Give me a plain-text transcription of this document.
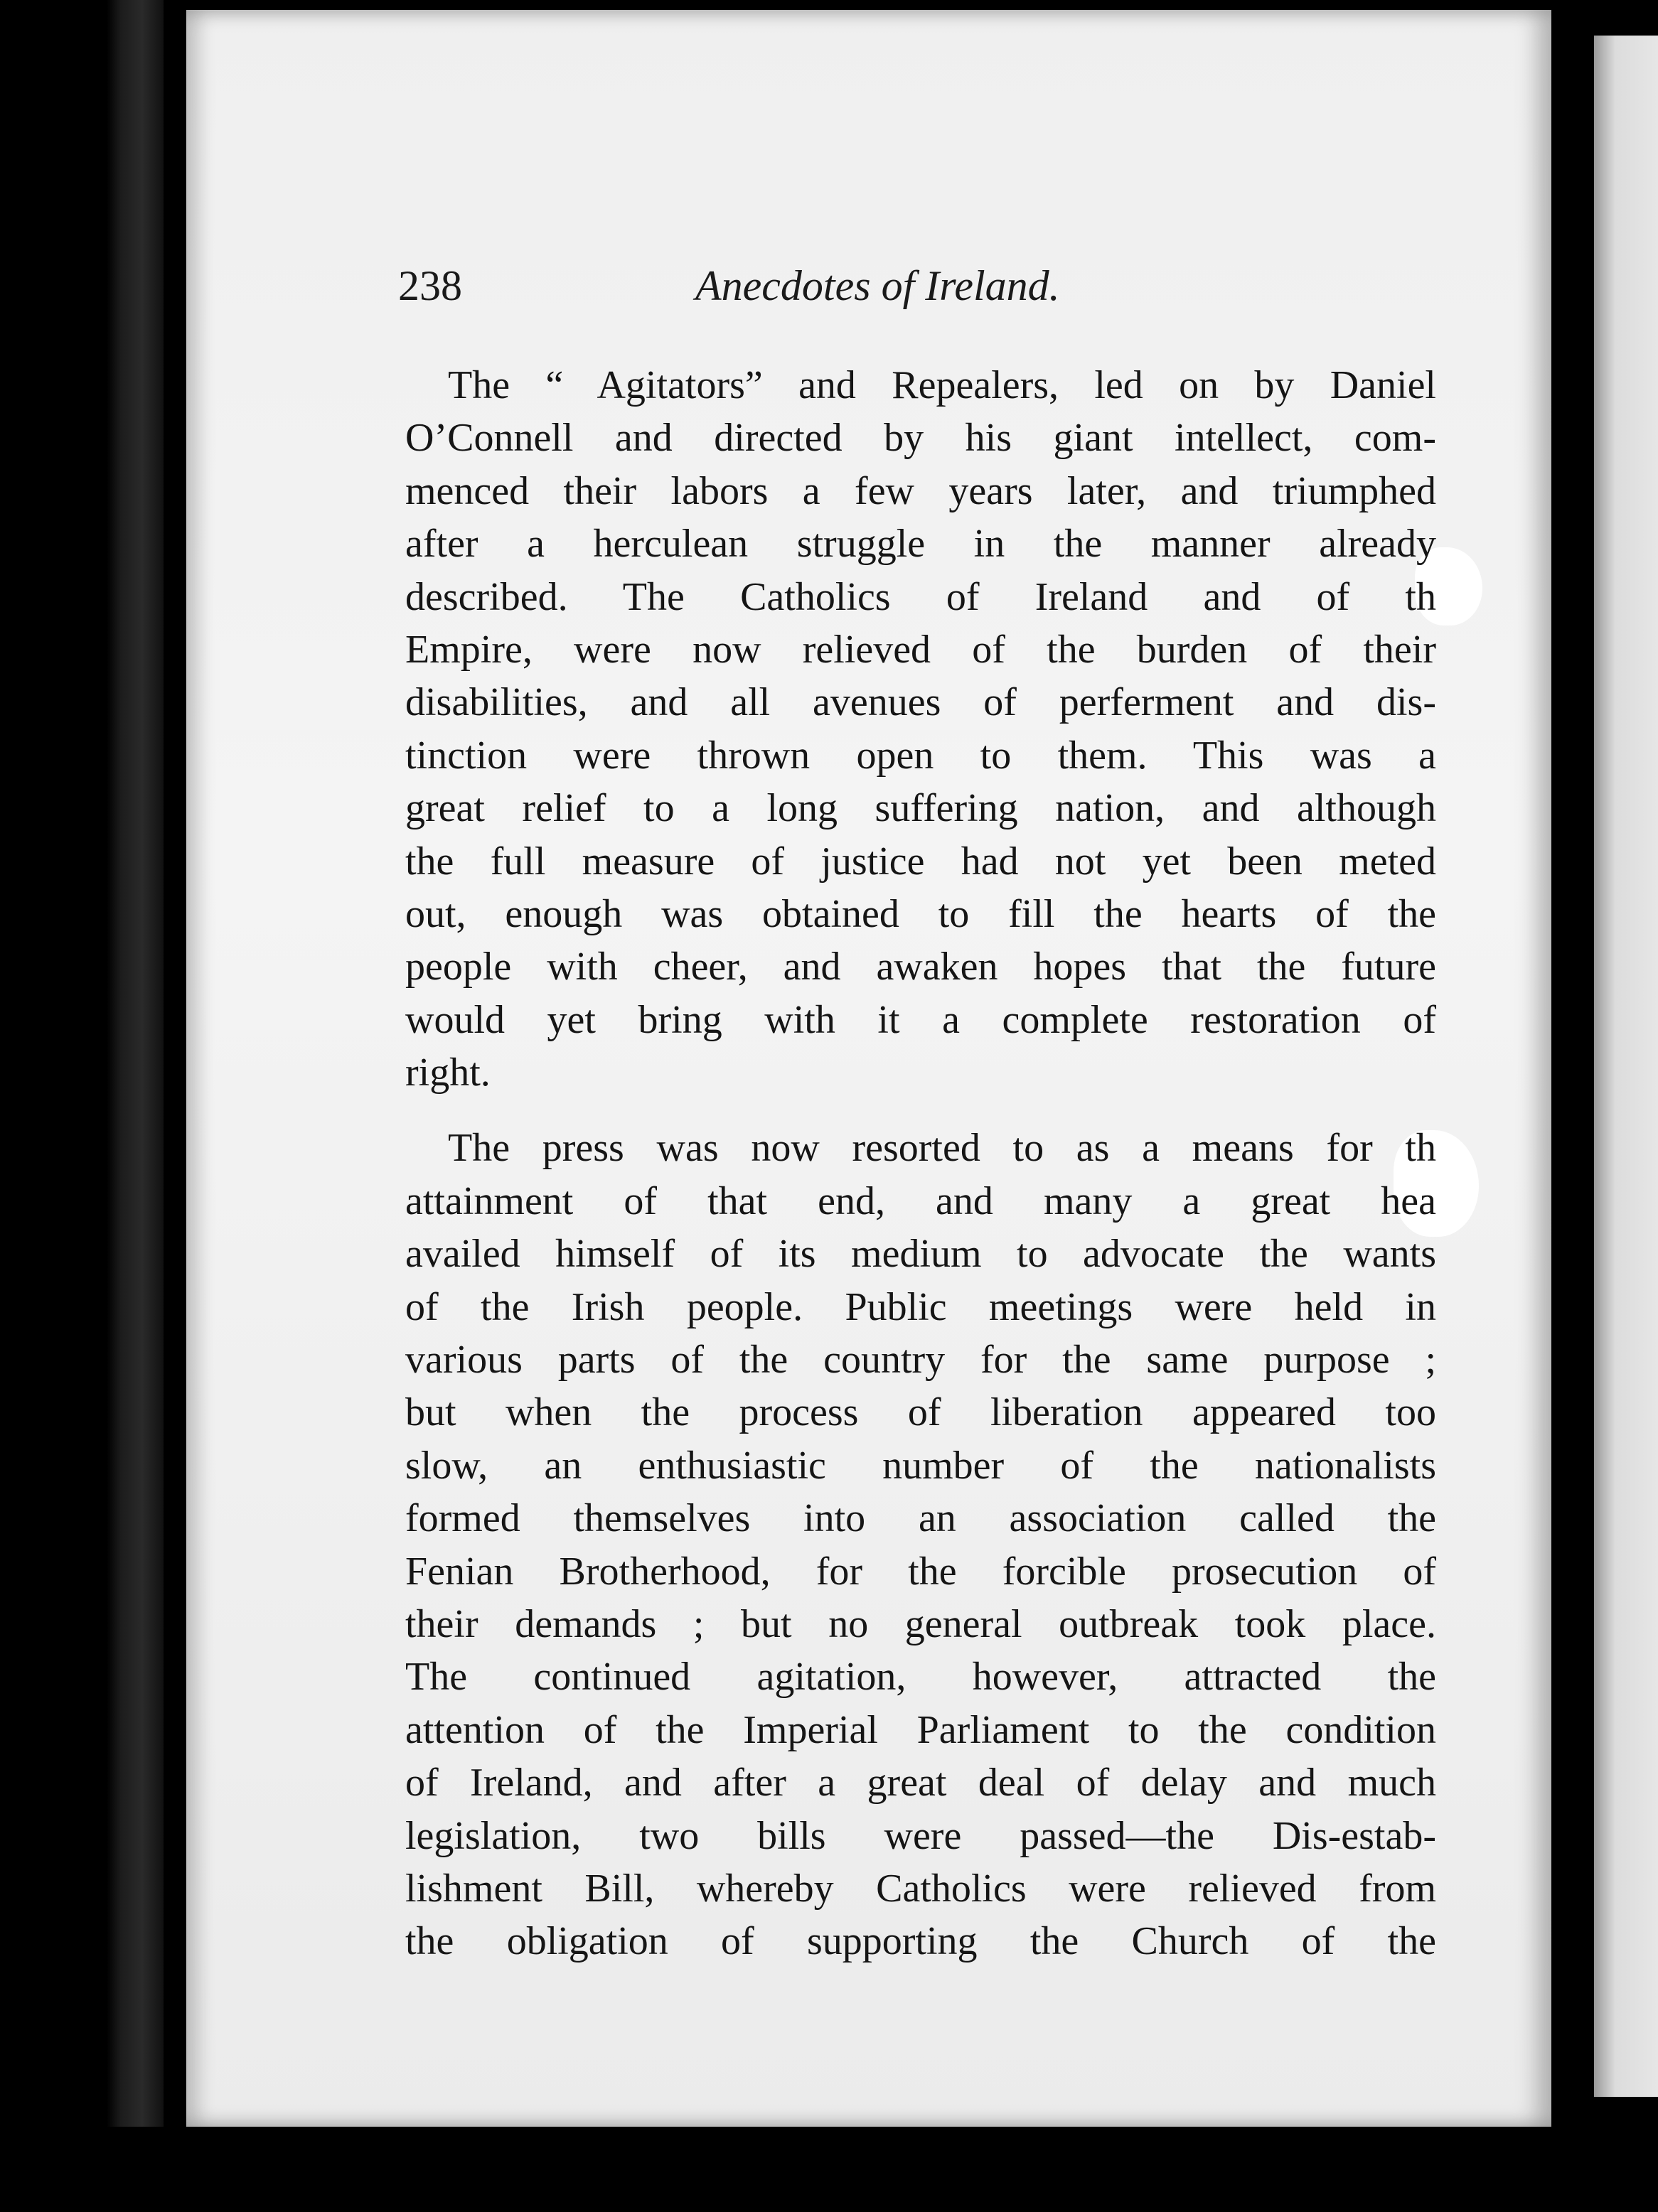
238	Anecdotes of Ireland.
The “ Agitators” and Repealers, led on by Daniel
O’Connell and directed by his giant intellect, com-
menced their labors a few years later, and triumphed
after a herculean struggle in the manner already
described. The Catholics of Ireland and of th
Empire, were now relieved of the burden of their
disabilities, and all avenues of perferment and dis-
tinction were thrown open to them. This was a
great relief to a long suffering nation, and although
the full measure of justice had not yet been meted
out, enough was obtained to fill the hearts of the
people with cheer, and awaken hopes that the future
would yet bring with it a complete restoration of
right.
The press was now resorted to as a means for th
attainment of that end, and many a great hea
availed himself of its medium to advocate the wants
of the Irish people. Public meetings were held in
various parts of the country for the same purpose ;
but when the process of liberation appeared too
slow, an enthusiastic number of the nationalists
formed themselves into an association called the
Fenian Brotherhood, for the forcible prosecution of
their demands ; but no general outbreak took place.
The continued agitation, however, attracted the
attention of the Imperial Parliament to the condition
of Ireland, and after a great deal of delay and much
legislation, two bills were passed—the Dis-estab-
lishment Bill, whereby Catholics were relieved from
the obligation of supporting the Church of the
